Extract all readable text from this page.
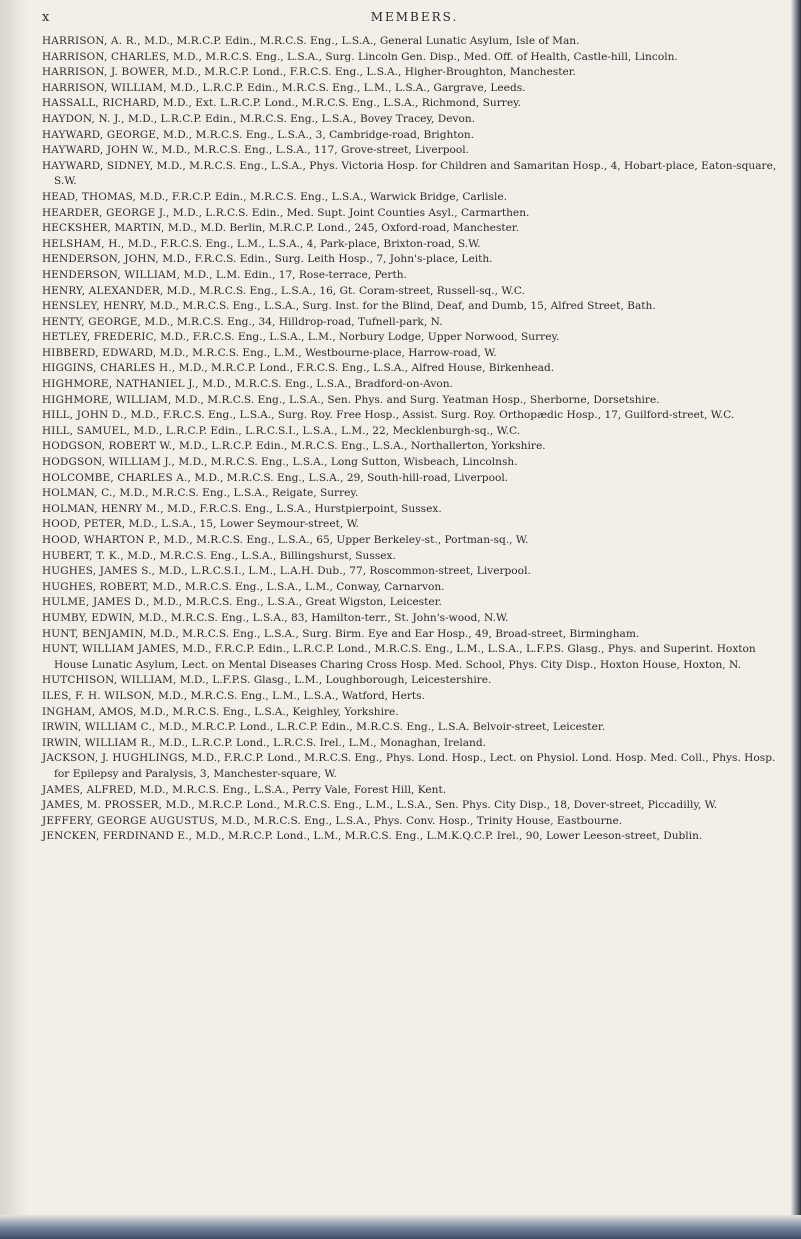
x	MEMBERS.

HARRISON, A. R., M.D., M.R.C.P. Edin., M.R.C.S. Eng., L.S.A., General Lunatic Asylum, Isle of Man.

HARRISON, CHARLES, M.D., M.R.C.S. Eng., L.S.A., Surg. Lincoln Gen. Disp., Med. Off. of Health, Castle-hill, Lincoln.

HARRISON, J. BOWER, M.D., M.R.C.P. Lond., F.R.C.S. Eng., L.S.A., Higher-Broughton, Manchester.

HARRISON, WILLIAM, M.D., L.R.C.P. Edin., M.R.C.S. Eng., L.M., L.S.A., Gargrave, Leeds.

HASSALL, RICHARD, M.D., Ext. L.R.C.P. Lond., M.R.C.S. Eng., L.S.A., Richmond, Surrey.

HAYDON, N. J., M.D., L.R.C.P. Edin., M.R.C.S. Eng., L.S.A., Bovey Tracey, Devon.

HAYWARD, GEORGE, M.D., M.R.C.S. Eng., L.S.A., 3, Cambridge-road, Brighton.

HAYWARD, JOHN W., M.D., M.R.C.S. Eng., L.S.A., 117, Grove-street, Liverpool.

HAYWARD, SIDNEY, M.D., M.R.C.S. Eng., L.S.A., Phys. Victoria Hosp. for Children and Samaritan Hosp., 4, Hobart-place, Eaton-square, S.W.

HEAD, THOMAS, M.D., F.R.C.P. Edin., M.R.C.S. Eng., L.S.A., Warwick Bridge, Carlisle.

HEARDER, GEORGE J., M.D., L.R.C.S. Edin., Med. Supt. Joint Counties Asyl., Carmarthen.

HECKSHER, MARTIN, M.D., M.D. Berlin, M.R.C.P. Lond., 245, Oxford-road, Manchester.

HELSHAM, H., M.D., F.R.C.S. Eng., L.M., L.S.A., 4, Park-place, Brixton-road, S.W.

HENDERSON, JOHN, M.D., F.R.C.S. Edin., Surg. Leith Hosp., 7, John's-place, Leith.

HENDERSON, WILLIAM, M.D., L.M. Edin., 17, Rose-terrace, Perth.

HENRY, ALEXANDER, M.D., M.R.C.S. Eng., L.S.A., 16, Gt. Coram-street, Russell-sq., W.C.

HENSLEY, HENRY, M.D., M.R.C.S. Eng., L.S.A., Surg. Inst. for the Blind, Deaf, and Dumb, 15, Alfred Street, Bath.

HENTY, GEORGE, M.D., M.R.C.S. Eng., 34, Hilldrop-road, Tufnell-park, N.

HETLEY, FREDERIC, M.D., F.R.C.S. Eng., L.S.A., L.M., Norbury Lodge, Upper Norwood, Surrey.

HIBBERD, EDWARD, M.D., M.R.C.S. Eng., L.M., Westbourne-place, Harrow-road, W.

HIGGINS, CHARLES H., M.D., M.R.C.P. Lond., F.R.C.S. Eng., L.S.A., Alfred House, Birkenhead.

HIGHMORE, NATHANIEL J., M.D., M.R.C.S. Eng., L.S.A., Bradford-on-Avon.

HIGHMORE, WILLIAM, M.D., M.R.C.S. Eng., L.S.A., Sen. Phys. and Surg. Yeatman Hosp., Sherborne, Dorsetshire.

HILL, JOHN D., M.D., F.R.C.S. Eng., L.S.A., Surg. Roy. Free Hosp., Assist. Surg. Roy. Orthopædic Hosp., 17, Guilford-street, W.C.

HILL, SAMUEL, M.D., L.R.C.P. Edin., L.R.C.S.I., L.S.A., L.M., 22, Mecklenburgh-sq., W.C.

HODGSON, ROBERT W., M.D., L.R.C.P. Edin., M.R.C.S. Eng., L.S.A., Northallerton, Yorkshire.

HODGSON, WILLIAM J., M.D., M.R.C.S. Eng., L.S.A., Long Sutton, Wisbeach, Lincolnsh.

HOLCOMBE, CHARLES A., M.D., M.R.C.S. Eng., L.S.A., 29, South-hill-road, Liverpool.

HOLMAN, C., M.D., M.R.C.S. Eng., L.S.A., Reigate, Surrey.

HOLMAN, HENRY M., M.D., F.R.C.S. Eng., L.S.A., Hurstpierpoint, Sussex.

HOOD, PETER, M.D., L.S.A., 15, Lower Seymour-street, W.

HOOD, WHARTON P., M.D., M.R.C.S. Eng., L.S.A., 65, Upper Berkeley-st., Portman-sq., W.

HUBERT, T. K., M.D., M.R.C.S. Eng., L.S.A., Billingshurst, Sussex.

HUGHES, JAMES S., M.D., L.R.C.S.I., L.M., L.A.H. Dub., 77, Roscommon-street, Liverpool.

HUGHES, ROBERT, M.D., M.R.C.S. Eng., L.S.A., L.M., Conway, Carnarvon.

HULME, JAMES D., M.D., M.R.C.S. Eng., L.S.A., Great Wigston, Leicester.

HUMBY, EDWIN, M.D., M.R.C.S. Eng., L.S.A., 83, Hamilton-terr., St. John's-wood, N.W.

HUNT, BENJAMIN, M.D., M.R.C.S. Eng., L.S.A., Surg. Birm. Eye and Ear Hosp., 49, Broad-street, Birmingham.

HUNT, WILLIAM JAMES, M.D., F.R.C.P. Edin., L.R.C.P. Lond., M.R.C.S. Eng., L.M., L.S.A., L.F.P.S. Glasg., Phys. and Superint. Hoxton House Lunatic Asylum, Lect. on Mental Diseases Charing Cross Hosp. Med. School, Phys. City Disp., Hoxton House, Hoxton, N.

HUTCHISON, WILLIAM, M.D., L.F.P.S. Glasg., L.M., Loughborough, Leicestershire.

ILES, F. H. WILSON, M.D., M.R.C.S. Eng., L.M., L.S.A., Watford, Herts.

INGHAM, AMOS, M.D., M.R.C.S. Eng., L.S.A., Keighley, Yorkshire.

IRWIN, WILLIAM C., M.D., M.R.C.P. Lond., L.R.C.P. Edin., M.R.C.S. Eng., L.S.A. Belvoir-street, Leicester.

IRWIN, WILLIAM R., M.D., L.R.C.P. Lond., L.R.C.S. Irel., L.M., Monaghan, Ireland.

JACKSON, J. HUGHLINGS, M.D., F.R.C.P. Lond., M.R.C.S. Eng., Phys. Lond. Hosp., Lect. on Physiol. Lond. Hosp. Med. Coll., Phys. Hosp. for Epilepsy and Paralysis, 3, Manchester-square, W.

JAMES, ALFRED, M.D., M.R.C.S. Eng., L.S.A., Perry Vale, Forest Hill, Kent.

JAMES, M. PROSSER, M.D., M.R.C.P. Lond., M.R.C.S. Eng., L.M., L.S.A., Sen. Phys. City Disp., 18, Dover-street, Piccadilly, W.

JEFFERY, GEORGE AUGUSTUS, M.D., M.R.C.S. Eng., L.S.A., Phys. Conv. Hosp., Trinity House, Eastbourne.

JENCKEN, FERDINAND E., M.D., M.R.C.P. Lond., L.M., M.R.C.S. Eng., L.M.K.Q.C.P. Irel., 90, Lower Leeson-street, Dublin.
